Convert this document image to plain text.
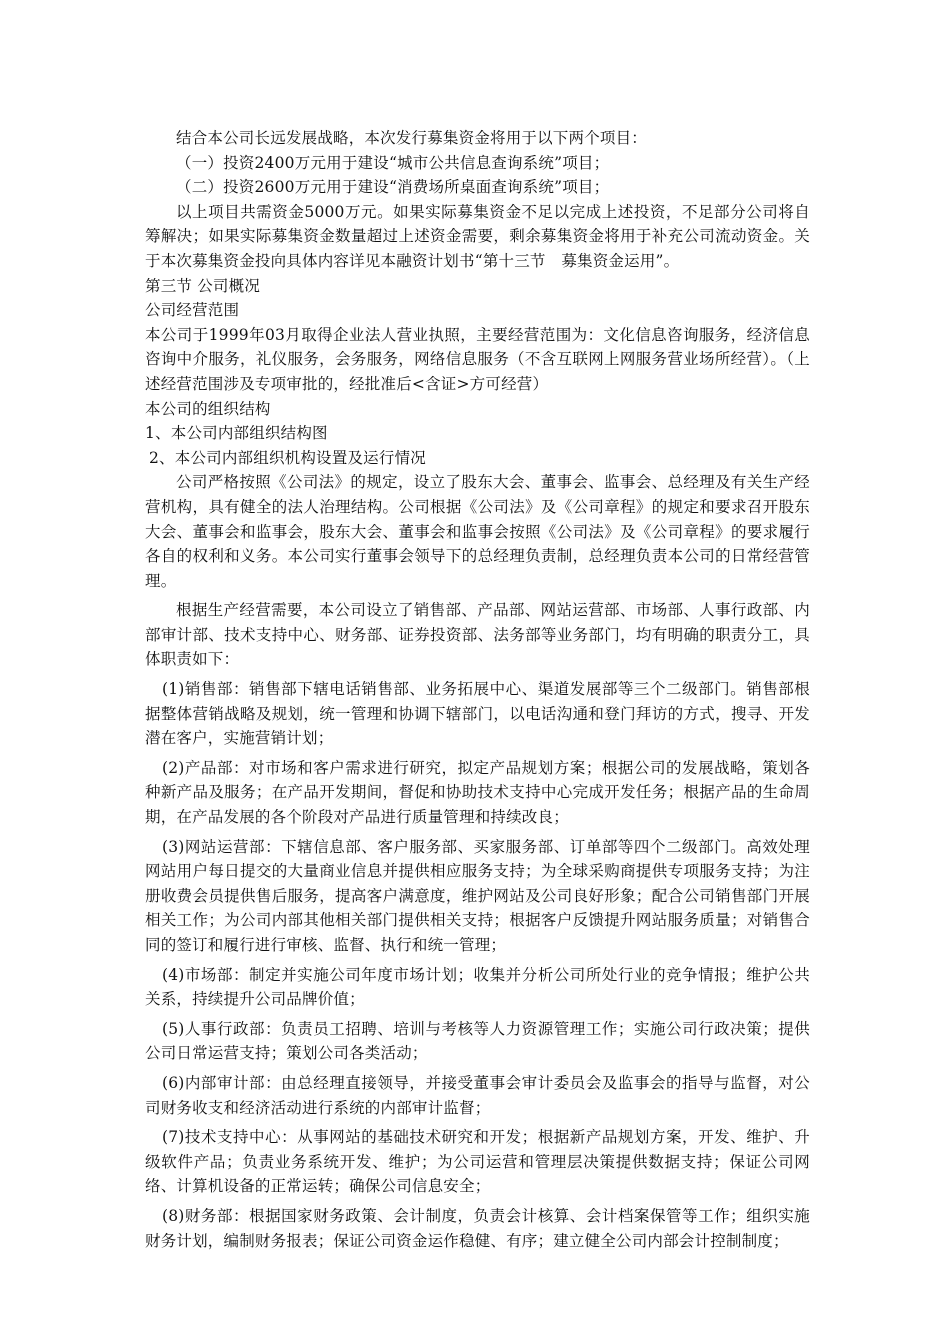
结合本公司长远发展战略，本次发行募集资金将用于以下两个项目：

（一）投资2400万元用于建设“城市公共信息查询系统”项目；

（二）投资2600万元用于建设“消费场所桌面查询系统”项目；

以上项目共需资金5000万元。如果实际募集资金不足以完成上述投资，不足部分公司将自筹解决；如果实际募集资金数量超过上述资金需要，剩余募集资金将用于补充公司流动资金。关于本次募集资金投向具体内容详见本融资计划书“第十三节　募集资金运用”。

第三节 公司概况

公司经营范围

本公司于1999年03月取得企业法人营业执照，主要经营范围为：文化信息咨询服务，经济信息咨询中介服务，礼仪服务，会务服务，网络信息服务（不含互联网上网服务营业场所经营）。（上述经营范围涉及专项审批的，经批准后<含证>方可经营）

本公司的组织结构

1、本公司内部组织结构图

2、本公司内部组织机构设置及运行情况

公司严格按照《公司法》的规定，设立了股东大会、董事会、监事会、总经理及有关生产经营机构，具有健全的法人治理结构。公司根据《公司法》及《公司章程》的规定和要求召开股东大会、董事会和监事会，股东大会、董事会和监事会按照《公司法》及《公司章程》的要求履行各自的权利和义务。本公司实行董事会领导下的总经理负责制，总经理负责本公司的日常经营管理。

根据生产经营需要，本公司设立了销售部、产品部、网站运营部、市场部、人事行政部、内部审计部、技术支持中心、财务部、证券投资部、法务部等业务部门，均有明确的职责分工，具体职责如下：

(1)销售部：销售部下辖电话销售部、业务拓展中心、渠道发展部等三个二级部门。销售部根据整体营销战略及规划，统一管理和协调下辖部门，以电话沟通和登门拜访的方式，搜寻、开发潜在客户，实施营销计划；

(2)产品部：对市场和客户需求进行研究，拟定产品规划方案；根据公司的发展战略，策划各种新产品及服务；在产品开发期间，督促和协助技术支持中心完成开发任务；根据产品的生命周期，在产品发展的各个阶段对产品进行质量管理和持续改良；

(3)网站运营部：下辖信息部、客户服务部、买家服务部、订单部等四个二级部门。高效处理网站用户每日提交的大量商业信息并提供相应服务支持；为全球采购商提供专项服务支持；为注册收费会员提供售后服务，提高客户满意度，维护网站及公司良好形象；配合公司销售部门开展相关工作；为公司内部其他相关部门提供相关支持；根据客户反馈提升网站服务质量；对销售合同的签订和履行进行审核、监督、执行和统一管理；

(4)市场部：制定并实施公司年度市场计划；收集并分析公司所处行业的竞争情报；维护公共关系，持续提升公司品牌价值；

(5)人事行政部：负责员工招聘、培训与考核等人力资源管理工作；实施公司行政决策；提供公司日常运营支持；策划公司各类活动；

(6)内部审计部：由总经理直接领导，并接受董事会审计委员会及监事会的指导与监督，对公司财务收支和经济活动进行系统的内部审计监督；

(7)技术支持中心：从事网站的基础技术研究和开发；根据新产品规划方案，开发、维护、升级软件产品；负责业务系统开发、维护；为公司运营和管理层决策提供数据支持；保证公司网络、计算机设备的正常运转；确保公司信息安全；

(8)财务部：根据国家财务政策、会计制度，负责会计核算、会计档案保管等工作；组织实施财务计划，编制财务报表；保证公司资金运作稳健、有序；建立健全公司内部会计控制制度；
